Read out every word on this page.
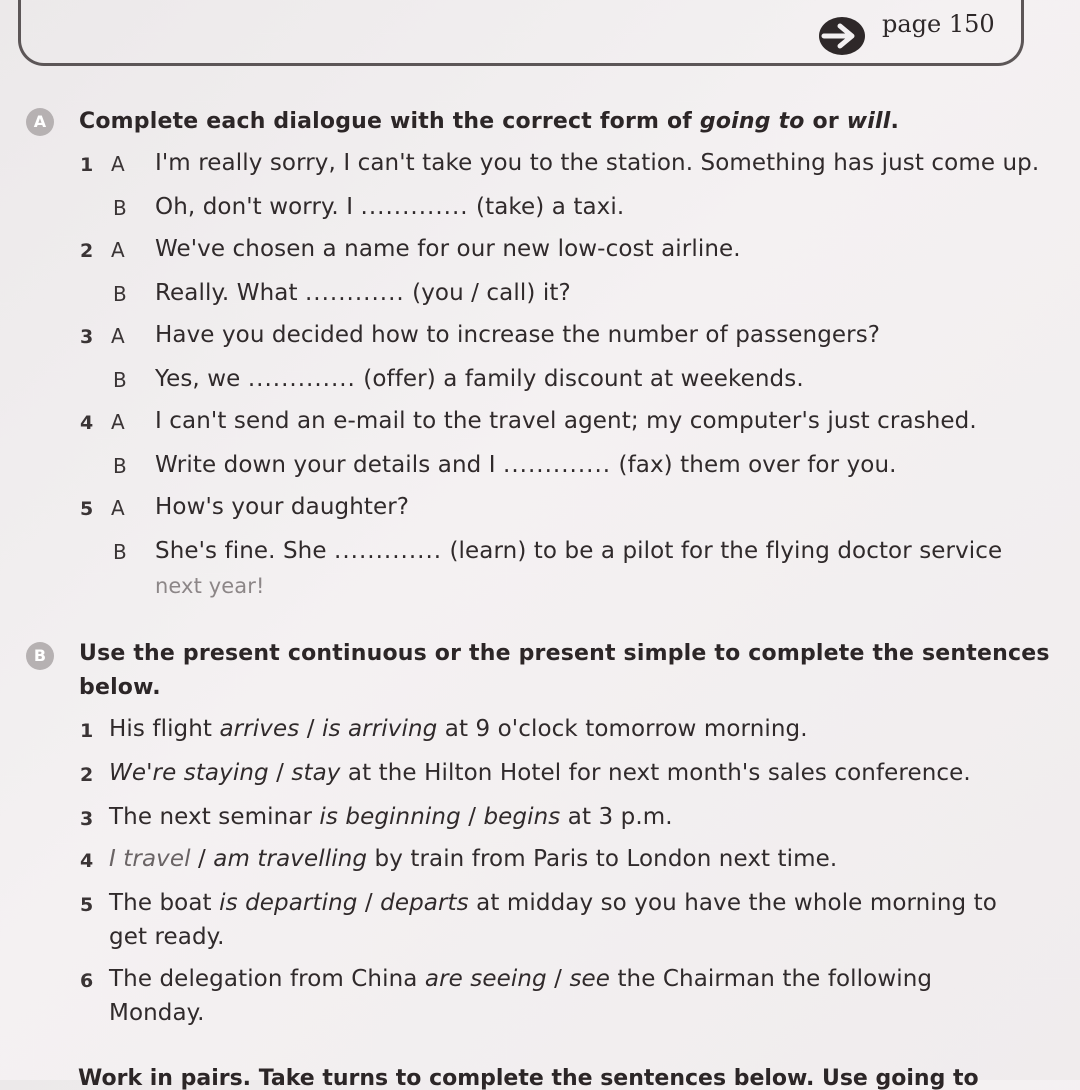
page 150
A	Complete each dialogue with the correct form of going to or will.
1 A I'm really sorry, I can't take you to the station. Something has just come up.
B Oh, don't worry. I ............. (take) a taxi.
2 A We've chosen a name for our new low-cost airline.
B Really. What ............ (you / call) it?
3 A Have you decided how to increase the number of passengers?
B Yes, we ............. (offer) a family discount at weekends.
4 A I can't send an e-mail to the travel agent; my computer's just crashed.
B Write down your details and I ............. (fax) them over for you.
5 A How's your daughter?
B She's fine. She ............. (learn) to be a pilot for the flying doctor service
next year!
B	Use the present continuous or the present simple to complete the sentences
below.
1 His flight arrives / is arriving at 9 o'clock tomorrow morning.
2 We're staying / stay at the Hilton Hotel for next month's sales conference.
3 The next seminar is beginning / begins at 3 p.m.
4 I travel / am travelling by train from Paris to London next time.
5 The boat is departing / departs at midday so you have the whole morning to
get ready.
6 The delegation from China are seeing / see the Chairman the following
Monday.
Work in pairs. Take turns to complete the sentences below. Use going to
